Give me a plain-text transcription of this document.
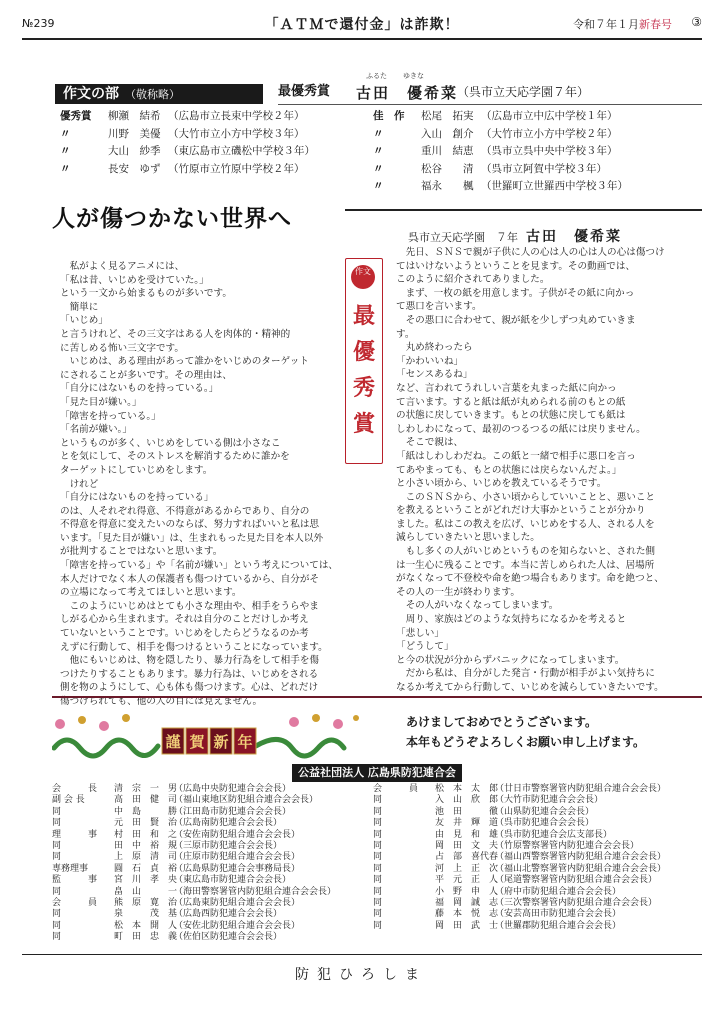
№239	「ＡＴＭで還付金」は詐欺！	令和７年１月新春号 ③
作文の部 （敬称略）	最優秀賞
ふるた ゆきな
古田　優希菜
（呉市立天応学園７年）
優秀賞	柳瀬　結希 （広島市立長束中学校２年）
〃	川野　美優 （大竹市立小方中学校３年）
〃	大山　紗季 （東広島市立磯松中学校３年）
〃	長安　ゆず （竹原市立竹原中学校２年）
佳　作	松尾　拓実 （広島市立中広中学校１年）
〃	入山　創介 （大竹市立小方中学校２年）
〃	重川　結恵 （呉市立呉中央中学校３年）
〃	松谷　　清 （呉市立阿賀中学校３年）
〃	福永　　楓 （世羅町立世羅西中学校３年）
人が傷つかない世界へ
呉市立天応学園　７年 古田　優希菜

　私がよく見るアニメには、

「私は昔、いじめを受けていた。」

という一文から始まるものが多いです。

　簡単に

「いじめ」

と言うけれど、その三文字はある人を肉体的・精神的

に苦しめる怖い三文字です。

　いじめは、ある理由があって誰かをいじめのターゲット

にされることが多いです。その理由は、

「自分にはないものを持っている。」

「見た目が嫌い。」

「障害を持っている。」

「名前が嫌い。」

というものが多く、いじめをしている側は小さなこ

とを気にして、そのストレスを解消するために誰かを

ターゲットにしていじめをします。

　けれど

「自分にはないものを持っている」

のは、人それぞれ得意、不得意があるからであり、自分の

不得意を得意に変えたいのならば、努力すればいいと私は思

います。「見た目が嫌い」は、生まれもった見た目を本人以外

が批判することではないと思います。

「障害を持っている」や「名前が嫌い」という考えについては、

本人だけでなく本人の保護者も傷つけているから、自分がそ

の立場になって考えてほしいと思います。

　このようにいじめはとても小さな理由や、相手をうらやま

しがる心から生まれます。それは自分のことだけしか考え

ていないということです。いじめをしたらどうなるのか考

えずに行動して、相手を傷つけるということになっています。

　他にもいじめは、物を隠したり、暴力行為をして相手を傷

つけたりすることもあります。暴力行為は、いじめをされる

側を物のようにして、心も体も傷つけます。心は、どれだけ

傷つけられても、他の人の目には見えません。

　先日、ＳＮＳで親が子供に人の心は人の心は人の心は傷つけ

てはいけないようということを見ます。その動画では、

このように紹介されてありました。

　まず、一枚の紙を用意します。子供がその紙に向かっ

て悪口を言います。

　その悪口に合わせて、親が紙を少しずつ丸めていきま

す。

　丸め終わったら

「かわいいね」

「センスあるね」

など、言われてうれしい言葉を丸まった紙に向かっ

て言います。すると紙は紙が丸められる前のもとの紙

の状態に戻していきます。もとの状態に戻しても紙は

しわしわになって、最初のつるつるの紙には戻りません。

　そこで親は、

「紙はしわしわだね。この紙と一緒で相手に悪口を言っ

てあやまっても、もとの状態には戻らないんだよ。」

と小さい頃から、いじめを教えているそうです。

　このＳＮＳから、小さい頃からしていいことと、悪いこと

を教えるということがどれだけ大事かということが分かり

ました。私はこの教えを広げ、いじめをする人、される人を

減らしていきたいと思いました。

　もし多くの人がいじめというものを知らないと、された側

は一生心に残ることです。本当に苦しめられた人は、居場所

がなくなって不登校や命を絶つ場合もあります。命を絶つと、

その人の一生が終わります。

　その人がいなくなってしまいます。

　周り、家族はどのような気持ちになるかを考えると

「悲しい」

「どうして」

と今の状況が分からずパニックになってしまいます。

　だから私は、自分がした発言・行動が相手がよい気持ちに

なるか考えてから行動して、いじめを減らしていきたいです。

作文
最
優
秀
賞
謹 賀 新 年
あけましておめでとうございます。
本年もどうぞよろしくお願い申し上げます。
公益社団法人 広島県防犯連合会
会　　　長	清　宗　一　男
（広島中央防犯連合会会長）
副 会 長	高　田　健　司
（福山東地区防犯組合連合会会長）
同	中　島　　　勝
（江田島市防犯連合会会長）
同	元　田　賢　治
（広島南防犯連合会会長）
理　　　事	村　田　和　之
（安佐南防犯組合連合会会長）
同	田　中　裕　規
（三原市防犯連合会会長）
同	上　原　清　司
（庄原市防犯組合連合会会長）
専務理事	圓　石　貞　裕
（広島県防犯連合会事務局長）
監　　　事	宮　川　孝　央
（東広島市防犯連合会会長）
同	畠　山　　　一
（海田警察署管内防犯組合連合会会長）
会　　　員	熊　原　寛　治
（広島東防犯組合連合会会長）
同	泉　　　茂　基
（広島西防犯連合会会長）
同	松　本　開　人
（安佐北防犯組合連合会会長）
同	町　田　忠　義
（佐伯区防犯連合会会長）
会　　　員	松　本　太　郎
（廿日市警察署管内防犯組合連合会会長）
同	入　山　欣　郎
（大竹市防犯連合会会長）
同	池　田　　　徹
（山県防犯連合会会長）
同	友　井　輝　道
（呉市防犯連合会会長）
同	由　見　和　雄
（呉市防犯連合会広支部長）
同	岡　田　文　夫
（竹原警察署管内防犯連合会会長）
同	占　部　喜代春
（福山西警察署管内防犯組合連合会会長）
同	河　上　正　次
（福山北警察署管内防犯組合連合会会長）
同	平　元　正　人
（尾道警察署管内防犯組合連合会会長）
同	小　野　申　人
（府中市防犯組合連合会会長）
同	福　岡　誠　志
（三次警察署管内防犯組合連合会会長）
同	藤　本　悦　志
（安芸高田市防犯連合会会長）
同	岡　田　武　士
（世羅郡防犯組合連合会会長）
防犯ひろしま
